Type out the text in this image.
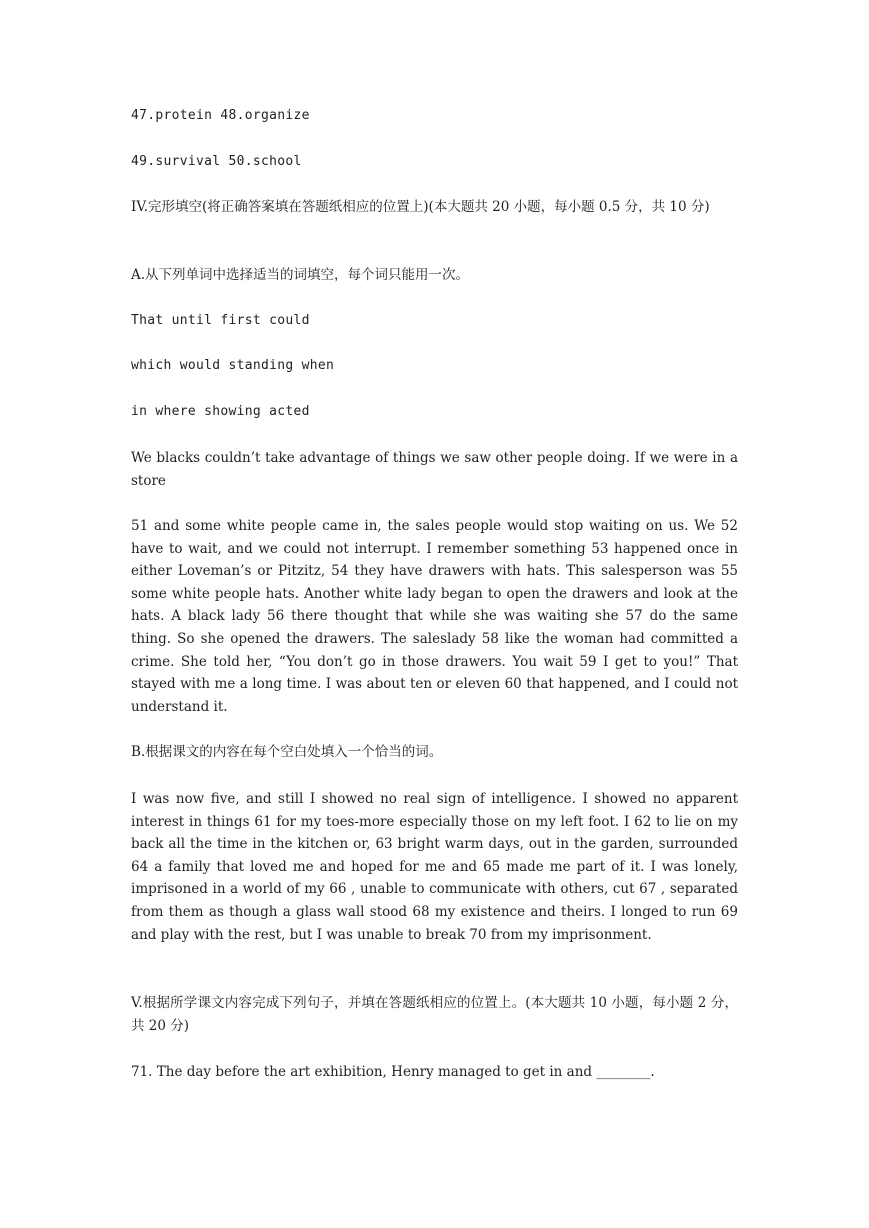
47.protein 48.organize

49.survival 50.school

IV.完形填空(将正确答案填在答题纸相应的位置上)(本大题共 20 小题，每小题 0.5 分，共 10 分)

A.从下列单词中选择适当的词填空，每个词只能用一次。

That until first could

which would standing when

in where showing acted

We blacks couldn’t take advantage of things we saw other people doing. If we were in a store

51 and some white people came in, the sales people would stop waiting on us. We 52 have to wait, and we could not interrupt. I remember something 53 happened once in either Loveman’s or Pitzitz, 54 they have drawers with hats. This salesperson was 55 some white people hats. Another white lady began to open the drawers and look at the hats. A black lady 56 there thought that while she was waiting she 57 do the same thing. So she opened the drawers. The saleslady 58 like the woman had committed a crime. She told her, “You don’t go in those drawers. You wait 59 I get to you!” That stayed with me a long time. I was about ten or eleven 60 that happened, and I could not understand it.

B.根据课文的内容在每个空白处填入一个恰当的词。

I was now five, and still I showed no real sign of intelligence. I showed no apparent interest in things 61 for my toes-more especially those on my left foot. I 62 to lie on my back all the time in the kitchen or, 63 bright warm days, out in the garden, surrounded 64 a family that loved me and hoped for me and 65 made me part of it. I was lonely, imprisoned in a world of my 66 , unable to communicate with others, cut 67 , separated from them as though a glass wall stood 68 my existence and theirs. I longed to run 69 and play with the rest, but I was unable to break 70 from my imprisonment.

V.根据所学课文内容完成下列句子，并填在答题纸相应的位置上。(本大题共 10 小题，每小题 2 分，共 20 分)

71. The day before the art exhibition, Henry managed to get in and ________.
